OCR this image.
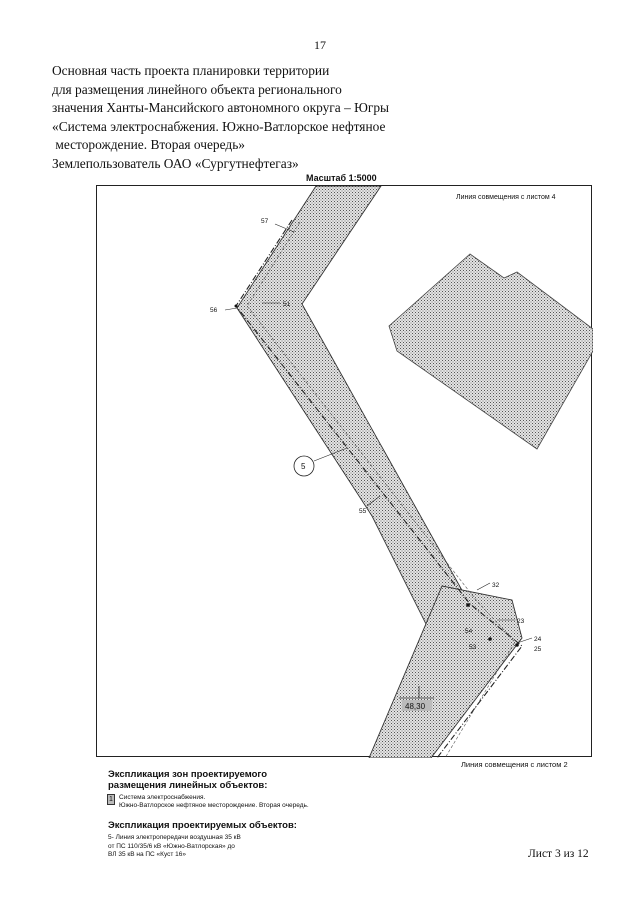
17
Основная часть проекта планировки территории
для размещения линейного объекта регионального
значения Ханты-Мансийского автономного округа – Югры
«Система электроснабжения. Южно-Ватлорское нефтяное
месторождение. Вторая очередь»
Землепользователь ОАО «Сургутнефтегаз»
Масштаб 1:5000
57
56
51
5
55
32
23
54
53
24
25
48,30
Линия совмещения с листом 4
Линия совмещения с листом 2
Экспликация зон проектируемого
размещения линейных объектов:
1 Система электроснабжения.
Южно-Ватлорское нефтяное месторождение. Вторая очередь.
Экспликация проектируемых объектов:
5- Линия электропередачи воздушная 35 кВ
от ПС 110/35/6 кВ «Южно-Ватлорская» до
ВЛ 35 кВ на ПС «Куст 16»	Лист 3 из 12
